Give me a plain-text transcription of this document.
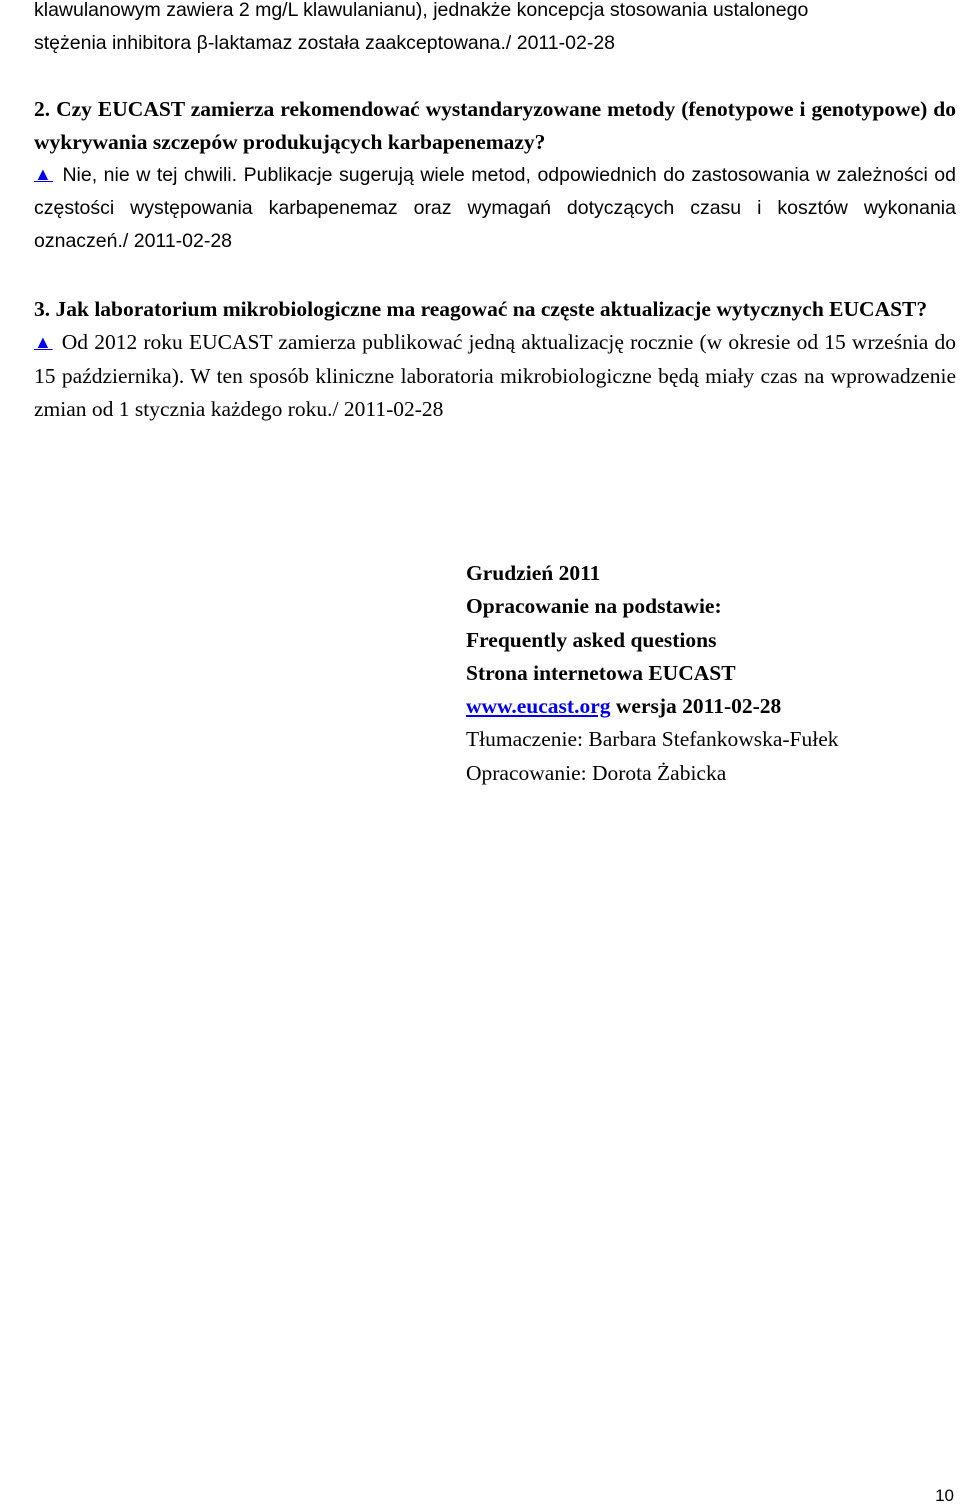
klawulanowym zawiera 2 mg/L klawulanianu), jednakże koncepcja stosowania ustalonego

stężenia inhibitora β-laktamaz została zaakceptowana./ 2011-02-28

2. Czy EUCAST zamierza rekomendować wystandaryzowane metody (fenotypowe i genotypowe) do wykrywania szczepów produkujących karbapenemazy?

▲ Nie, nie w tej chwili. Publikacje sugerują wiele metod, odpowiednich do zastosowania w zależności od częstości występowania karbapenemaz oraz wymagań dotyczących czasu i kosztów wykonania oznaczeń./ 2011-02-28

3. Jak laboratorium mikrobiologiczne ma reagować na częste aktualizacje wytycznych EUCAST?

▲ Od 2012 roku EUCAST zamierza publikować jedną aktualizację rocznie (w okresie od 15 września do 15 października). W ten sposób kliniczne laboratoria mikrobiologiczne będą miały czas na wprowadzenie zmian od 1 stycznia każdego roku./ 2011-02-28

Grudzień 2011
Opracowanie na podstawie:
Frequently asked questions
Strona internetowa EUCAST
www.eucast.org wersja 2011-02-28
Tłumaczenie: Barbara Stefankowska-Fułek
Opracowanie: Dorota Żabicka
10
